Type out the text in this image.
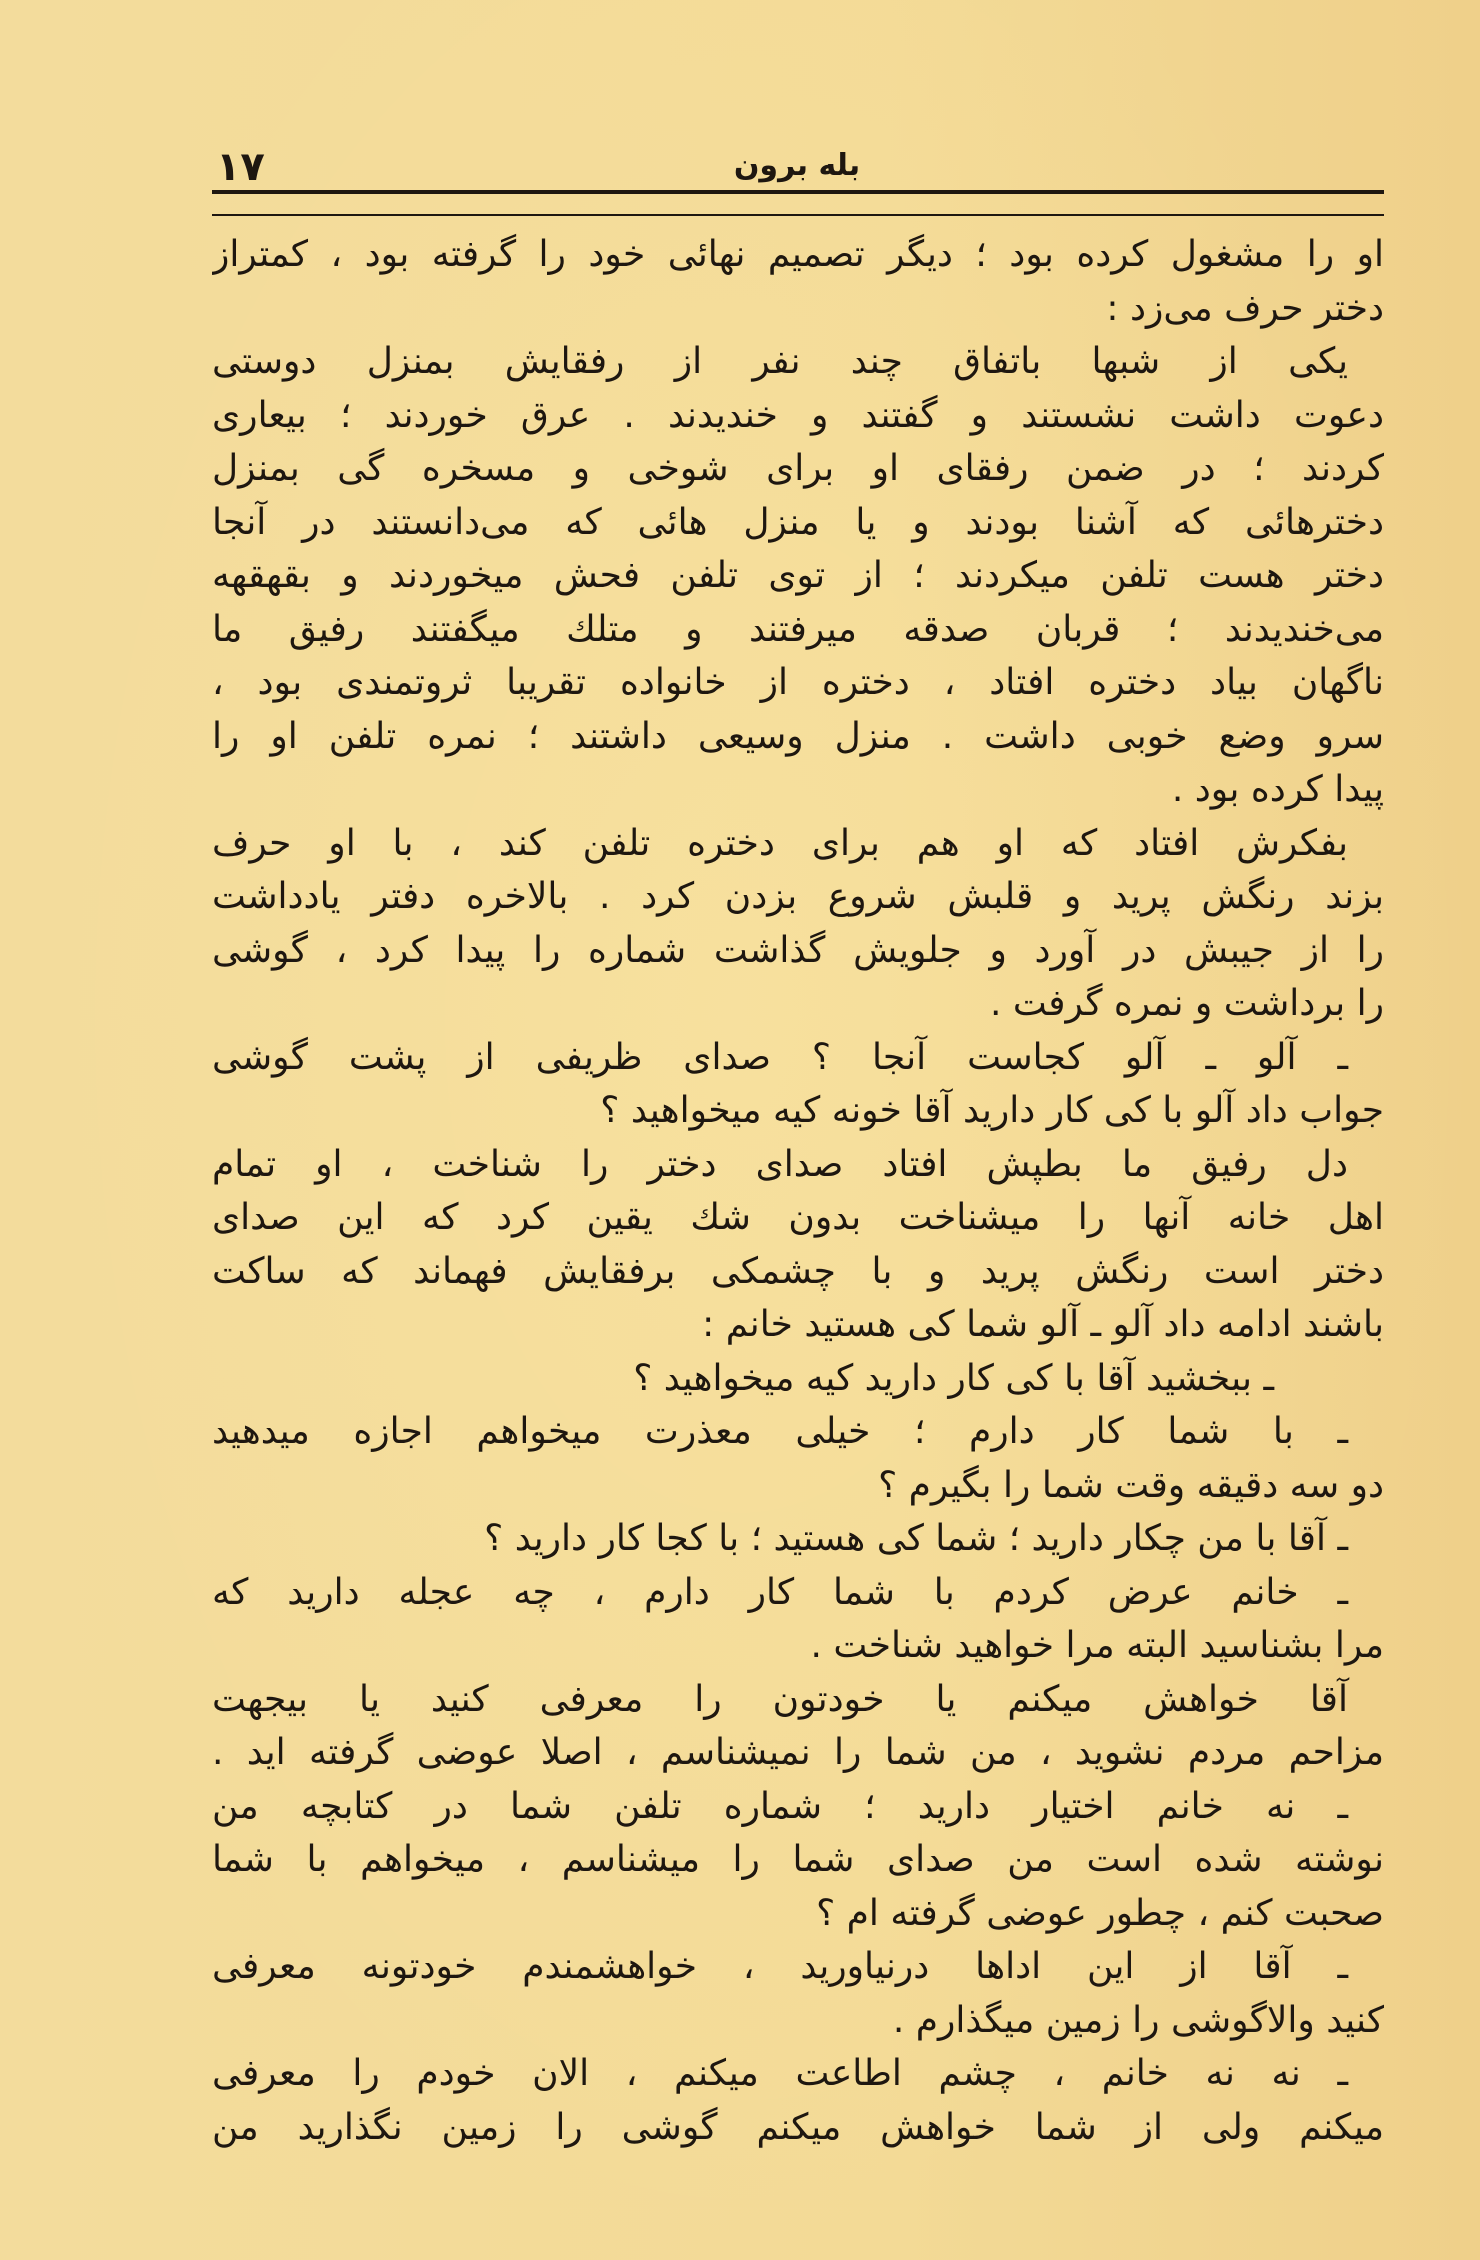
۱۷	بله برون
او را مشغول کرده بود ؛ دیگر تصمیم نهائی خود را گرفته بود ، کمتراز
دختر حرف می‌زد :
یکی از شبها باتفاق چند نفر از رفقایش بمنزل دوستی
دعوت داشت نشستند و گفتند و خندیدند . عرق خوردند ؛ بیعاری
کردند ؛ در ضمن رفقای او برای شوخی و مسخره گی بمنزل
دخترهائی که آشنا بودند و یا منزل هائی که می‌دانستند در آنجا
دختر هست تلفن میکردند ؛ از توی تلفن فحش میخوردند و بقهقهه
می‌خندیدند ؛ قربان صدقه میرفتند و متلك میگفتند رفیق ما
ناگهان بیاد دختره افتاد ، دختره از خانواده تقریبا ثروتمندی بود ،
سرو وضع خوبی داشت . منزل وسیعی داشتند ؛ نمره تلفن او را
پیدا کرده بود .
بفکرش افتاد که او هم برای دختره تلفن کند ، با او حرف
بزند رنگش پرید و قلبش شروع بزدن کرد . بالاخره دفتر یادداشت
را از جیبش در آورد و جلویش گذاشت شماره را پیدا کرد ، گوشی
را برداشت و نمره گرفت .
ـ آلو ـ آلو کجاست آنجا ؟ صدای ظریفی از پشت گوشی
جواب داد آلو با کی کار دارید آقا خونه کیه میخواهید ؟
دل رفیق ما بطپش افتاد صدای دختر را شناخت ، او تمام
اهل خانه آنها را میشناخت بدون شك یقین کرد که این صدای
دختر است رنگش پرید و با چشمکی برفقایش فهماند که ساکت
باشند ادامه داد آلو ـ آلو شما کی هستید خانم :
ـ ببخشید آقا با کی کار دارید کیه میخواهید ؟
ـ با شما کار دارم ؛ خیلی معذرت میخواهم اجازه میدهید
دو سه دقیقه وقت شما را بگیرم ؟
ـ آقا با من چکار دارید ؛ شما کی هستید ؛ با کجا کار دارید ؟
ـ خانم عرض کردم با شما کار دارم ، چه عجله دارید که
مرا بشناسید البته مرا خواهید شناخت .
آقا خواهش میکنم یا خودتون را معرفی کنید یا بیجهت
مزاحم مردم نشوید ، من شما را نمیشناسم ، اصلا عوضی گرفته اید .
ـ نه خانم اختیار دارید ؛ شماره تلفن شما در کتابچه من
نوشته شده است من صدای شما را میشناسم ، میخواهم با شما
صحبت کنم ، چطور عوضی گرفته ام ؟
ـ آقا از این اداها درنیاورید ، خواهشمندم خودتونه معرفی
کنید والاگوشی را زمین میگذارم .
ـ نه نه خانم ، چشم اطاعت میکنم ، الان خودم را معرفی
میکنم ولی از شما خواهش میکنم گوشی را زمین نگذارید من
